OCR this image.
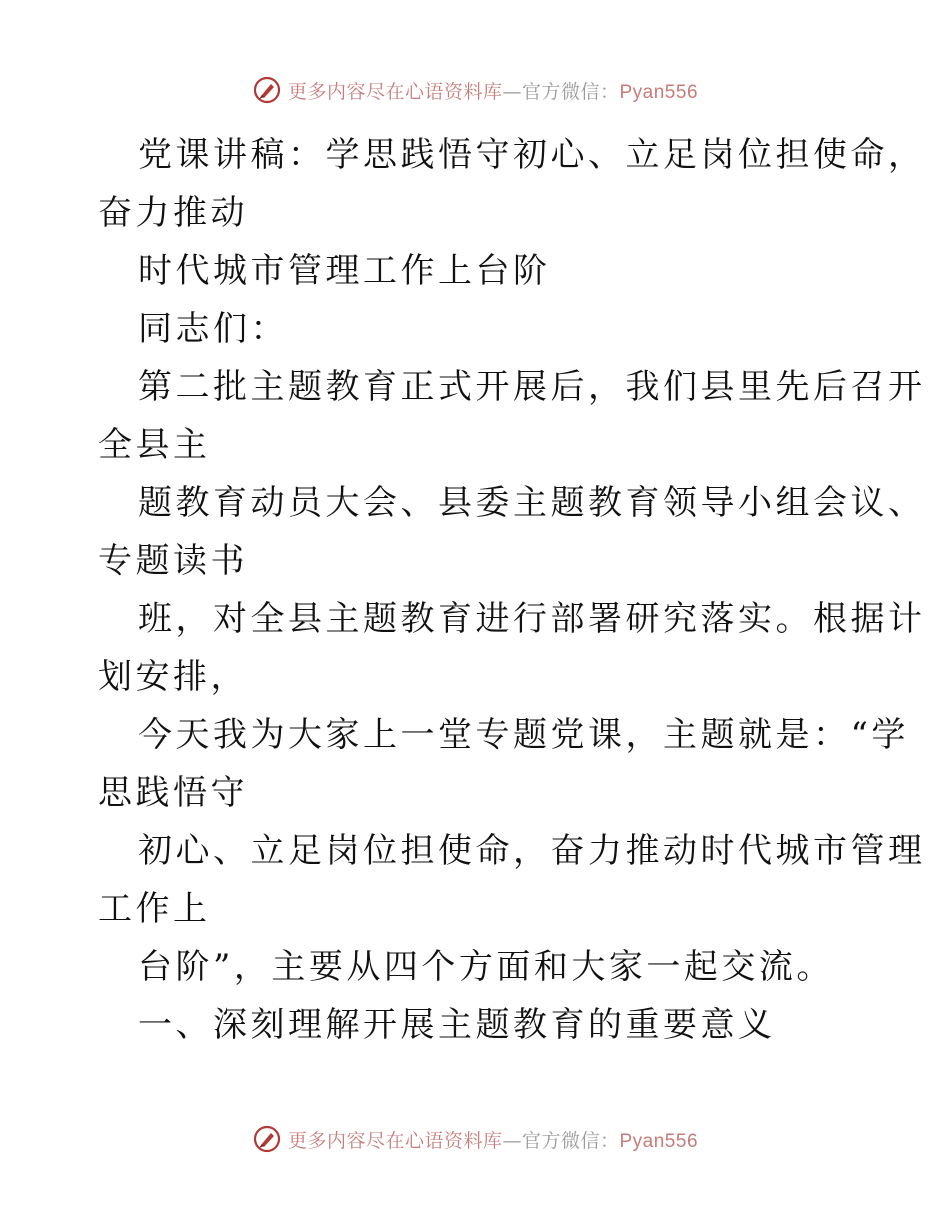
更多内容尽在心语资料库—官方微信：Pyan556
党课讲稿：学思践悟守初心、立足岗位担使命，
奋力推动
时代城市管理工作上台阶
同志们：
第二批主题教育正式开展后，我们县里先后召开
全县主
题教育动员大会、县委主题教育领导小组会议、
专题读书
班，对全县主题教育进行部署研究落实。根据计
划安排，
今天我为大家上一堂专题党课，主题就是：“学
思践悟守
初心、立足岗位担使命，奋力推动时代城市管理
工作上
台阶”，主要从四个方面和大家一起交流。
一、深刻理解开展主题教育的重要意义
更多内容尽在心语资料库—官方微信：Pyan556
